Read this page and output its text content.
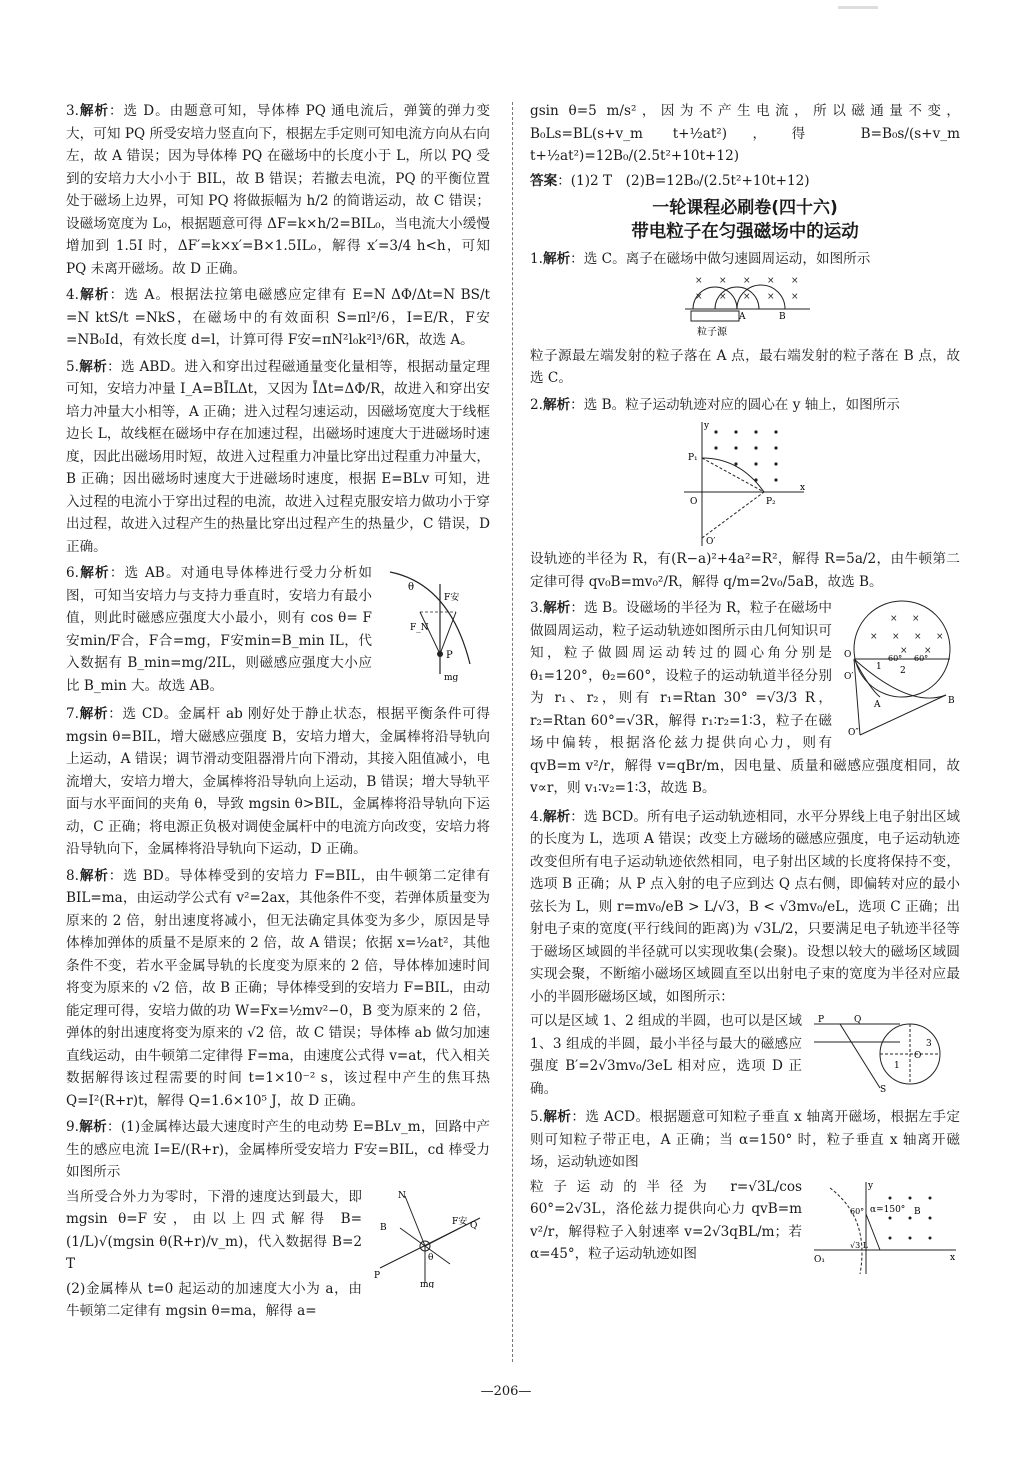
3.解析：选 D。由题意可知，导体棒 PQ 通电流后，弹簧的弹力变大，可知 PQ 所受安培力竖直向下，根据左手定则可知电流方向从右向左，故 A 错误；因为导体棒 PQ 在磁场中的长度小于 L，所以 PQ 受到的安培力大小小于 BIL，故 B 错误；若撤去电流，PQ 的平衡位置处于磁场上边界，可知 PQ 将做振幅为 h/2 的简谐运动，故 C 错误；设磁场宽度为 L₀，根据题意可得 ΔF=k×h/2=BIL₀，当电流大小缓慢增加到 1.5I 时，ΔF′=k×x′=B×1.5IL₀，解得 x′=3/4 h<h，可知 PQ 未离开磁场。故 D 正确。

4.解析：选 A。根据法拉第电磁感应定律有 E=N ΔΦ/Δt=N BS/t =N ktS/t =NkS，在磁场中的有效面积 S=πl²/6，I=E/R，F安=NB₀Id，有效长度 d=l，计算可得 F安=πN²l₀k²l³/6R，故选 A。

5.解析：选 ABD。进入和穿出过程磁通量变化量相等，根据动量定理可知，安培力冲量 I_A=BĪLΔt，又因为 ĪΔt=ΔΦ/R，故进入和穿出安培力冲量大小相等，A 正确；进入过程匀速运动，因磁场宽度大于线框边长 L，故线框在磁场中存在加速过程，出磁场时速度大于进磁场时速度，因此出磁场用时短，故进入过程重力冲量比穿出过程重力冲量大，B 正确；因出磁场时速度大于进磁场时速度，根据 E=BLv 可知，进入过程的电流小于穿出过程的电流，故进入过程克服安培力做功小于穿出过程，故进入过程产生的热量比穿出过程产生的热量少，C 错误，D 正确。

θ
F安
F_N
P
mg

6.解析：选 AB。对通电导体棒进行受力分析如图，可知当安培力与支持力垂直时，安培力有最小值，则此时磁感应强度大小最小，则有 cos θ= F安min/F合，F合=mg，F安min=B_min IL，代入数据有 B_min=mg/2IL，则磁感应强度大小应比 B_min 大。故选 AB。

7.解析：选 CD。金属杆 ab 刚好处于静止状态，根据平衡条件可得 mgsin θ=BIL，增大磁感应强度 B，安培力增大，金属棒将沿导轨向上运动，A 错误；调节滑动变阻器滑片向下滑动，其接入阻值减小，电流增大，安培力增大，金属棒将沿导轨向上运动，B 错误；增大导轨平面与水平面间的夹角 θ，导致 mgsin θ>BIL，金属棒将沿导轨向下运动，C 正确；将电源正负极对调使金属杆中的电流方向改变，安培力将沿导轨向下，金属棒将沿导轨向下运动，D 正确。

8.解析：选 BD。导体棒受到的安培力 F=BIL，由牛顿第二定律有 BIL=ma，由运动学公式有 v²=2ax，其他条件不变，若弹体质量变为原来的 2 倍，射出速度将减小，但无法确定具体变为多少，原因是导体棒加弹体的质量不是原来的 2 倍，故 A 错误；依据 x=½at²，其他条件不变，若水平金属导轨的长度变为原来的 2 倍，导体棒加速时间将变为原来的 √2 倍，故 B 正确；导体棒受到的安培力 F=BIL，由动能定理可得，安培力做的功 W=Fx=½mv²−0，B 变为原来的 2 倍，弹体的射出速度将变为原来的 √2 倍，故 C 错误；导体棒 ab 做匀加速直线运动，由牛顿第二定律得 F=ma，由速度公式得 v=at，代入相关数据解得该过程需要的时间 t=1×10⁻² s，该过程中产生的焦耳热 Q=I²(R+r)t，解得 Q=1.6×10⁵ J，故 D 正确。

9.解析：(1)金属棒达最大速度时产生的电动势 E=BLv_m，回路中产生的感应电流 I=E/(R+r)，金属棒所受安培力 F安=BIL，cd 棒受力如图所示

N
B
F安 Q
P
θ
mg

当所受合外力为零时，下滑的速度达到最大，即 mgsin θ=F安，由以上四式解得 B= (1/L)√(mgsin θ(R+r)/v_m)，代入数据得 B=2 T

(2)金属棒从 t=0 起运动的加速度大小为 a，由牛顿第二定律有 mgsin θ=ma，解得 a=

gsin θ=5 m/s²，因为不产生电流，所以磁通量不变，B₀Ls=BL(s+v_m t+½at²)，得 B=B₀s/(s+v_m t+½at²)=12B₀/(2.5t²+10t+12)

答案：(1)2 T　(2)B=12B₀/(2.5t²+10t+12)

一轮课程必刷卷(四十六)
带电粒子在匀强磁场中的运动

1.解析：选 C。离子在磁场中做匀速圆周运动，如图所示

× × × × ×
× × × × ×
A	B
粒子源

粒子源最左端发射的粒子落在 A 点，最右端发射的粒子落在 B 点，故选 C。

2.解析：选 B。粒子运动轨迹对应的圆心在 y 轴上，如图所示

P₁
O	P₂
O′
x
y

设轨迹的半径为 R，有(R−a)²+4a²=R²，解得 R=5a/2，由牛顿第二定律可得 qv₀B=mv₀²/R，解得 q/m=2v₀/5aB，故选 B。

× ×
× × × ×
× ×
O
O′
1 2
60° 60°
A	B
O″

3.解析：选 B。设磁场的半径为 R，粒子在磁场中做圆周运动，粒子运动轨迹如图所示由几何知识可知，粒子做圆周运动转过的圆心角分别是 θ₁=120°，θ₂=60°，设粒子的运动轨道半径分别为 r₁、r₂，则有 r₁=Rtan 30° =√3/3 R，r₂=Rtan 60°=√3R，解得 r₁∶r₂=1∶3，粒子在磁场中偏转，根据洛伦兹力提供向心力，则有 qvB=m v²/r，解得 v=qBr/m，因电量、质量和磁感应强度相同，故 v∝r，则 v₁∶v₂=1∶3，故选 B。

4.解析：选 BCD。所有电子运动轨迹相同，水平分界线上电子射出区域的长度为 L，选项 A 错误；改变上方磁场的磁感应强度，电子运动轨迹改变但所有电子运动轨迹依然相同，电子射出区域的长度将保持不变，选项 B 正确；从 P 点入射的电子应到达 Q 点右侧，即偏转对应的最小弦长为 L，则 r=mv₀/eB > L/√3，B < √3mv₀/eL，选项 C 正确；出射电子束的宽度(平行线间的距离)为 √3L/2，只要满足电子轨迹半径等于磁场区域圆的半径就可以实现收集(会聚)。设想以较大的磁场区域圆实现会聚，不断缩小磁场区域圆直至以出射电子束的宽度为半径对应最小的半圆形磁场区域，如图所示：

P	Q
1
3
O
S

可以是区域 1、2 组成的半圆，也可以是区域 1、3 组成的半圆，最小半径与最大的磁感应强度 B′=2√3mv₀/3eL 相对应，选项 D 正确。

5.解析：选 ACD。根据题意可知粒子垂直 x 轴离开磁场，根据左手定则可知粒子带正电，A 正确；当 α=150° 时，粒子垂直 x 轴离开磁场，运动轨迹如图

α=150°
60°
√3 L
B
O₁	x
y

粒子运动的半径为 r=√3L/cos 60°=2√3L，洛伦兹力提供向心力 qvB=m v²/r，解得粒子入射速率 v=2√3qBL/m；若 α=45°，粒子运动轨迹如图

—206—
